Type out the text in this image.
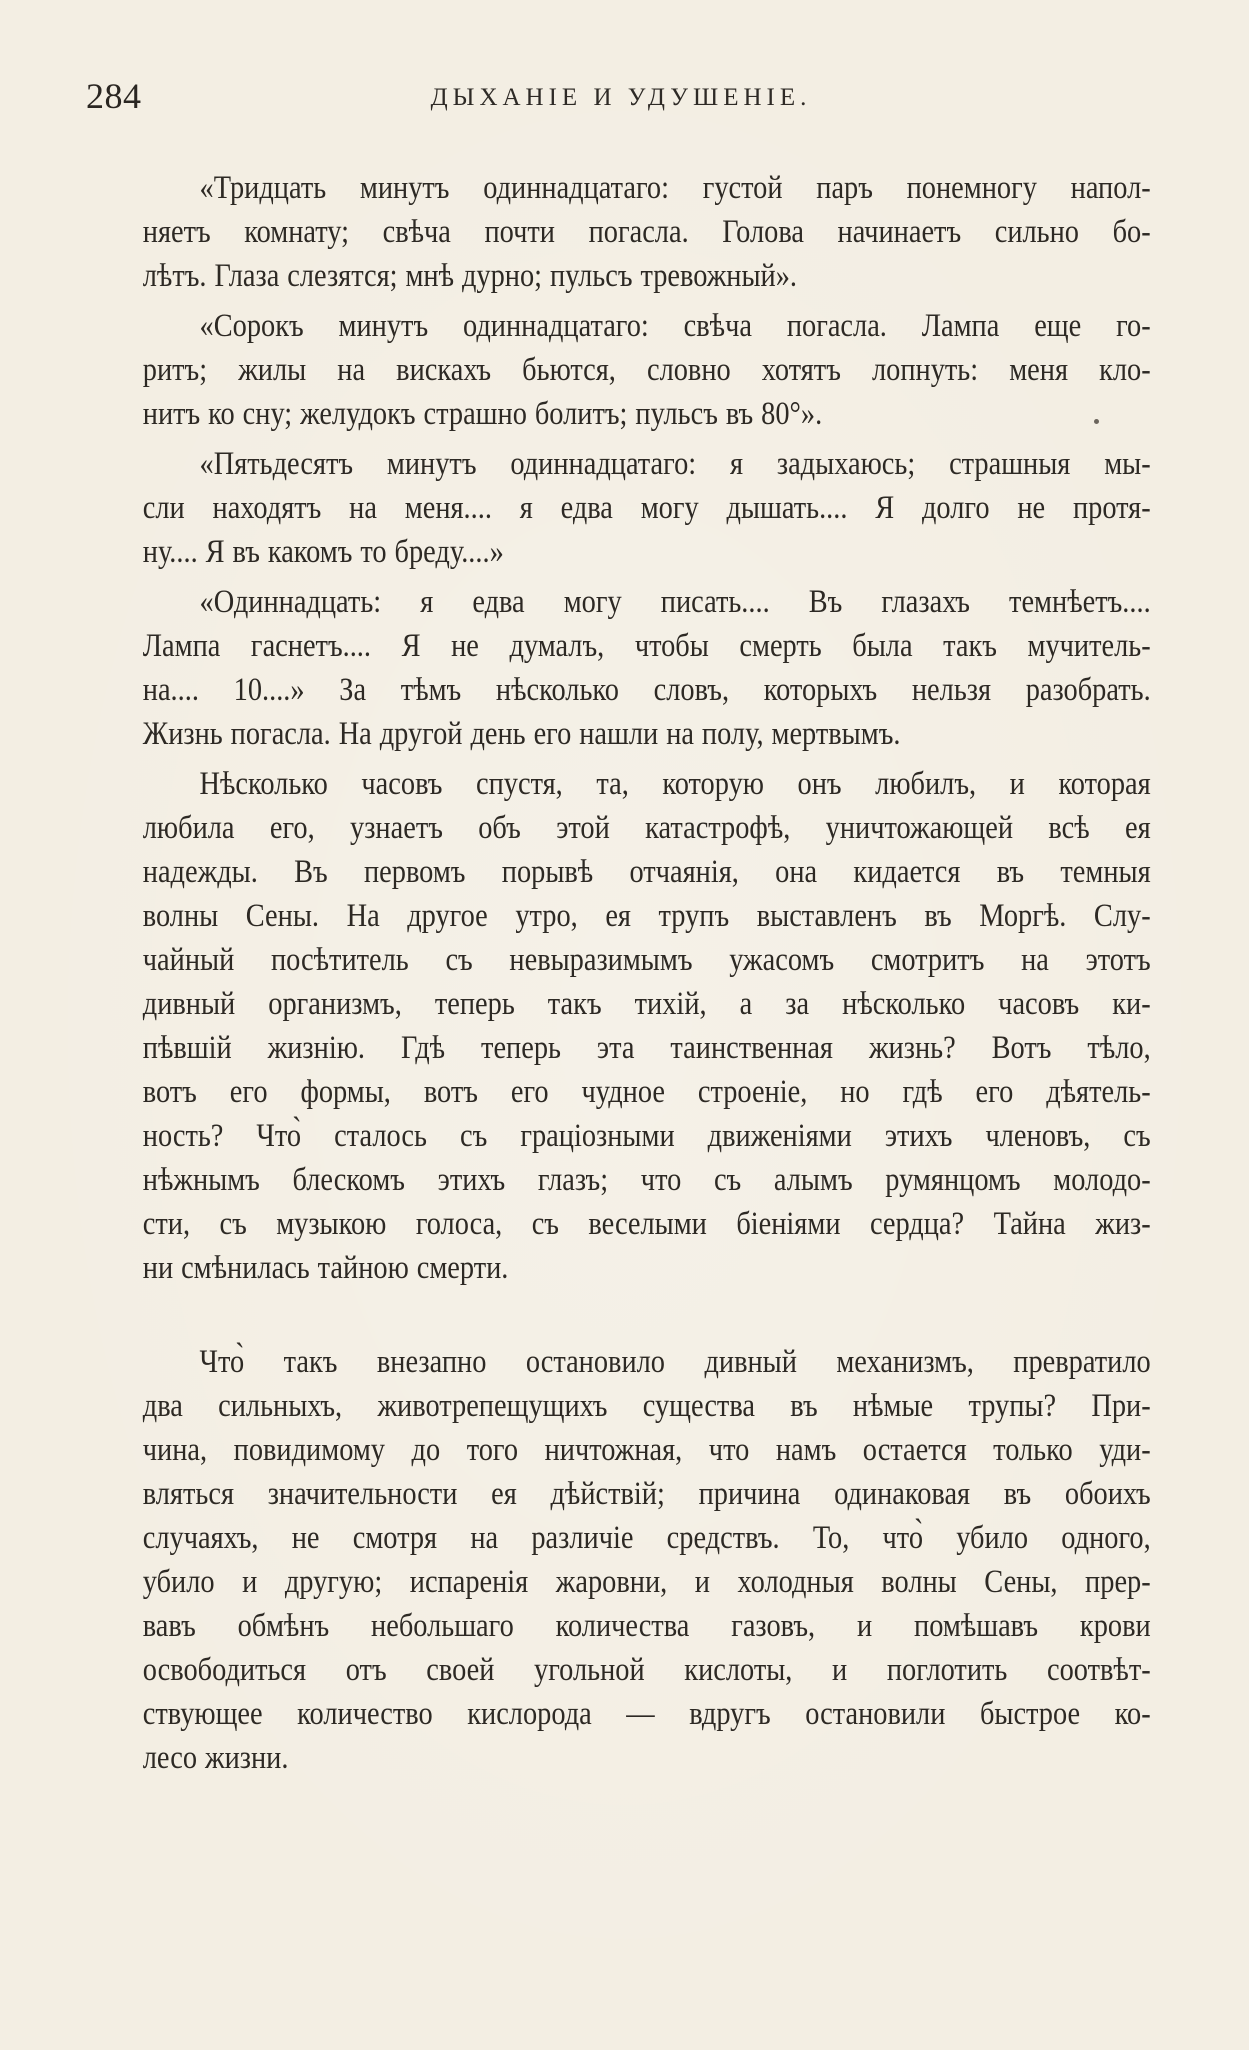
284	ДЫХАНІЕ И УДУШЕНІЕ.
«Тридцать минутъ одиннадцатаго: густой паръ понемногу напол-
няетъ комнату; свѣча почти погасла. Голова начинаетъ сильно бо-
лѣтъ. Глаза слезятся; мнѣ дурно; пульсъ тревожный».
«Сорокъ минутъ одиннадцатаго: свѣча погасла. Лампа еще го-
ритъ; жилы на вискахъ бьются, словно хотятъ лопнуть: меня кло-
нитъ ко сну; желудокъ страшно болитъ; пульсъ въ 80°».
«Пятьдесятъ минутъ одиннадцатаго: я задыхаюсь; страшныя мы-
сли находятъ на меня.... я едва могу дышать.... Я долго не протя-
ну.... Я въ какомъ то бреду....»
«Одиннадцать: я едва могу писать.... Въ глазахъ темнѣетъ....
Лампа гаснетъ.... Я не думалъ, чтобы смерть была такъ мучитель-
на.... 10....» За тѣмъ нѣсколько словъ, которыхъ нельзя разобрать.
Жизнь погасла. На другой день его нашли на полу, мертвымъ.
Нѣсколько часовъ спустя, та, которую онъ любилъ, и которая
любила его, узнаетъ объ этой катастрофѣ, уничтожающей всѣ ея
надежды. Въ первомъ порывѣ отчаянія, она кидается въ темныя
волны Сены. На другое утро, ея трупъ выставленъ въ Моргѣ. Слу-
чайный посѣтитель съ невыразимымъ ужасомъ смотритъ на этотъ
дивный организмъ, теперь такъ тихій, а за нѣсколько часовъ ки-
пѣвшій жизнію. Гдѣ теперь эта таинственная жизнь? Вотъ тѣло,
вотъ его формы, вотъ его чудное строеніе, но гдѣ его дѣятель-
ность? Что̀ сталось съ граціозными движеніями этихъ членовъ, съ
нѣжнымъ блескомъ этихъ глазъ; что съ алымъ румянцомъ молодо-
сти, съ музыкою голоса, съ веселыми біеніями сердца? Тайна жиз-
ни смѣнилась тайною смерти.
Что̀ такъ внезапно остановило дивный механизмъ, превратило
два сильныхъ, животрепещущихъ существа въ нѣмые трупы? При-
чина, повидимому до того ничтожная, что намъ остается только уди-
вляться значительности ея дѣйствій; причина одинаковая въ обоихъ
случаяхъ, не смотря на различіе средствъ. То, что̀ убило одного,
убило и другую; испаренія жаровни, и холодныя волны Сены, прер-
вавъ обмѣнъ небольшаго количества газовъ, и помѣшавъ крови
освободиться отъ своей угольной кислоты, и поглотить соотвѣт-
ствующее количество кислорода — вдругъ остановили быстрое ко-
лесо жизни.
